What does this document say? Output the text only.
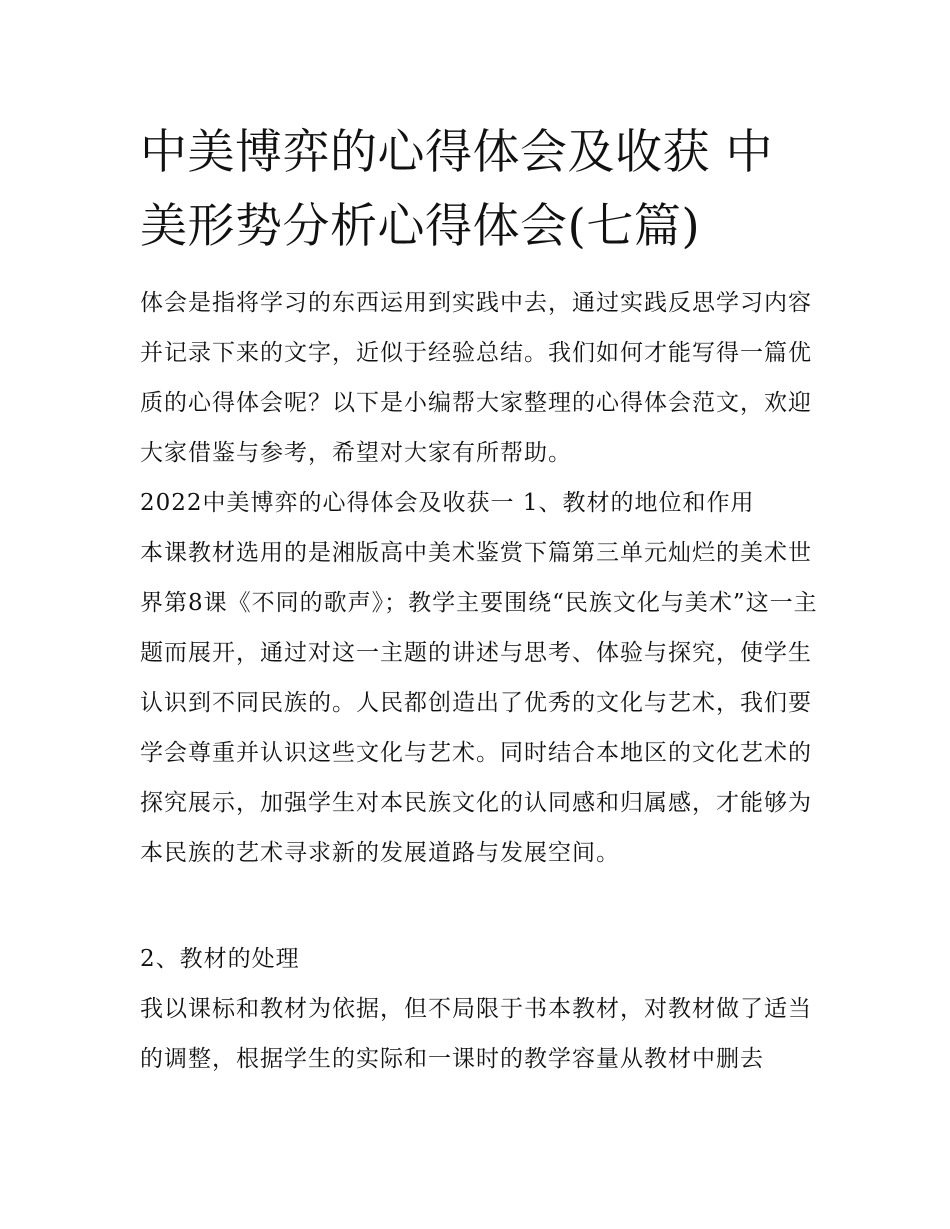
中美博弈的心得体会及收获 中美形势分析心得体会(七篇)

体会是指将学习的东西运用到实践中去，通过实践反思学习内容并记录下来的文字，近似于经验总结。我们如何才能写得一篇优质的心得体会呢？以下是小编帮大家整理的心得体会范文，欢迎大家借鉴与参考，希望对大家有所帮助。

2022中美博弈的心得体会及收获一 1、教材的地位和作用

本课教材选用的是湘版高中美术鉴赏下篇第三单元灿烂的美术世界第8课《不同的歌声》；教学主要围绕“民族文化与美术”这一主题而展开，通过对这一主题的讲述与思考、体验与探究，使学生认识到不同民族的。人民都创造出了优秀的文化与艺术，我们要学会尊重并认识这些文化与艺术。同时结合本地区的文化艺术的探究展示，加强学生对本民族文化的认同感和归属感，才能够为本民族的艺术寻求新的发展道路与发展空间。

2、教材的处理

我以课标和教材为依据，但不局限于书本教材，对教材做了适当的调整，根据学生的实际和一课时的教学容量从教材中删去
